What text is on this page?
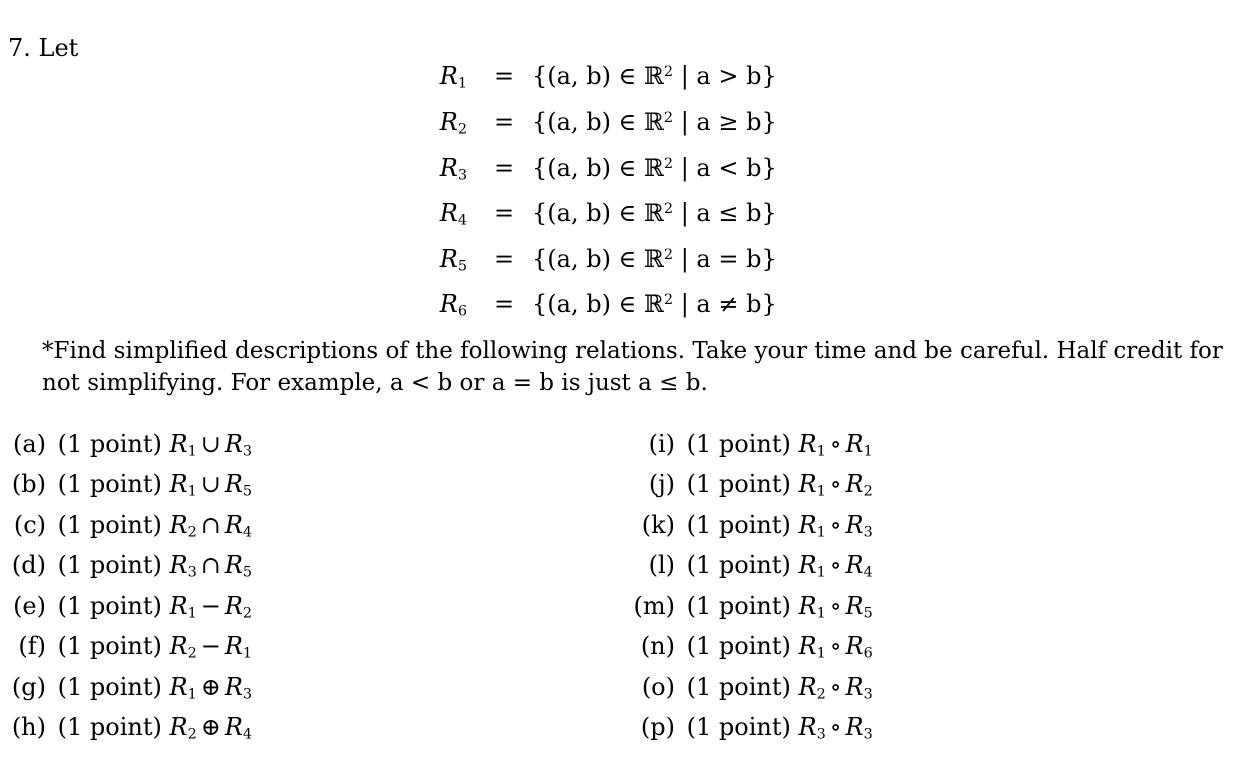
7. Let
$R_1 = \{(a$, b) ∈ ℝ$^2$ | a > b}
$R_2 = \{(a$, b) ∈ ℝ$^2$ | a ≥ b}
$R_3 = \{(a$, b) ∈ ℝ$^2$ | a < b}
$R_4 = \{(a$, b) ∈ ℝ$^2$ | a ≤ b}
$R_5 = \{(a$, b) ∈ ℝ$^2$ | a = b}
$R_6 = \{(a$, b) ∈ ℝ$^2$ | a ≠ b}
*Find simplified descriptions of the following relations. Take your time and be careful. Half credit for
not simplifying. For example, a < b or a = b is just a ≤ b.
(a) (1 point) $R_1$ ∪ $R_3$
(b) (1 point) $R_1$ ∪ $R_5$
(c) (1 point) $R_2$ ∩ $R_4$
(d) (1 point) $R_3$ ∩ $R_5$
(e) (1 point) $R_1 - R_2$
(f) (1 point) $R_2 - R_1$
(g) (1 point) $R_1$ ⊕ $R_3$
(h) (1 point) $R_2$ ⊕ $R_4$
(i) (1 point) $R_1$ ∘ $R_1$
(j) (1 point) $R_1$ ∘ $R_2$
(k) (1 point) $R_1$ ∘ $R_3$
(l) (1 point) $R_1$ ∘ $R_4$
(m) (1 point) $R_1$ ∘ $R_5$
(n) (1 point) $R_1$ ∘ $R_6$
(o) (1 point) $R_2$ ∘ $R_3$
(p) (1 point) $R_3$ ∘ $R_3$
